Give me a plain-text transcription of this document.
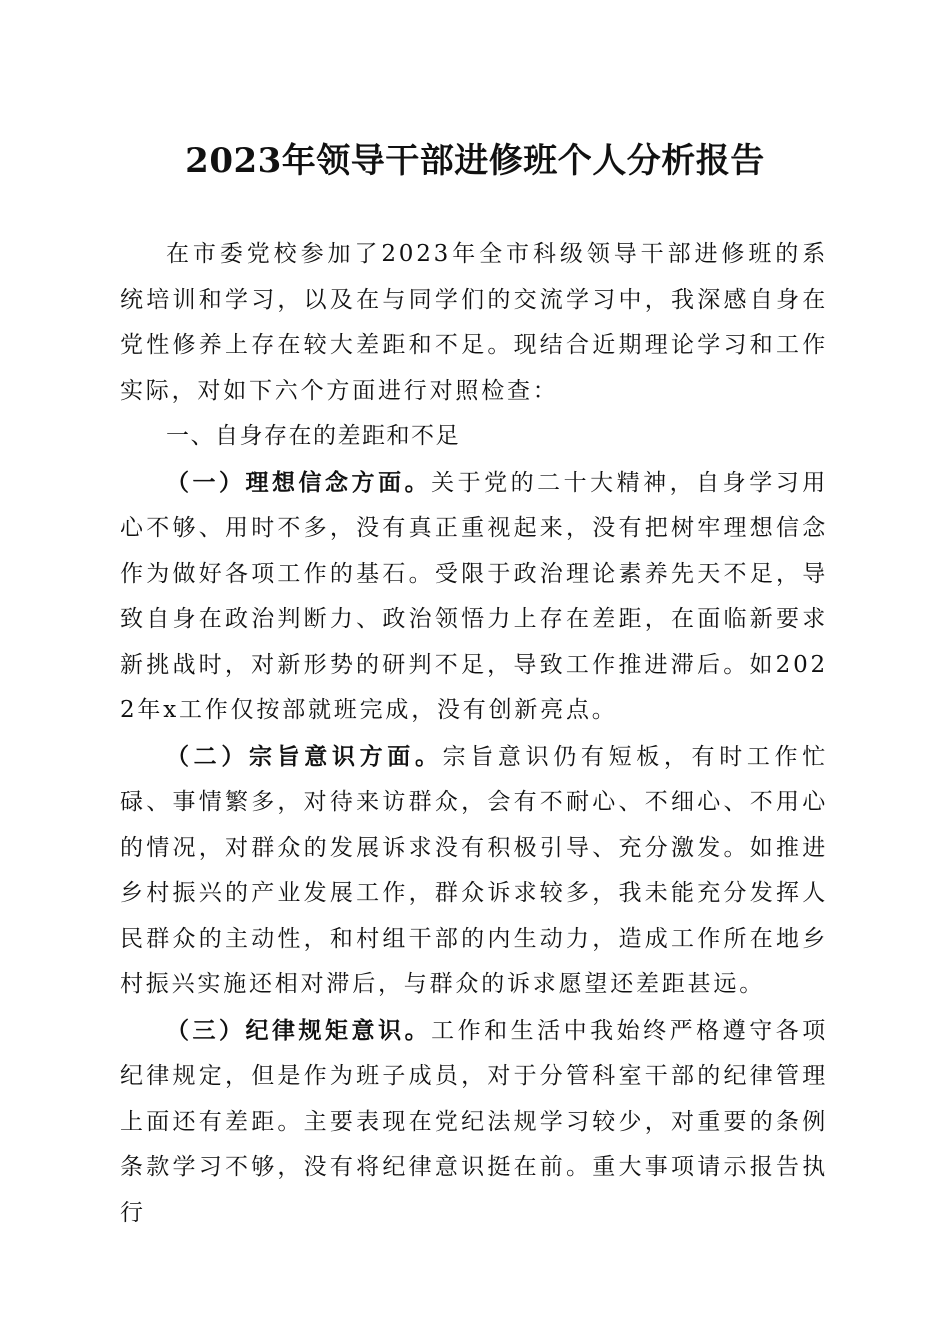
2023年领导干部进修班个人分析报告

在市委党校参加了2023年全市科级领导干部进修班的系统培训和学习，以及在与同学们的交流学习中，我深感自身在党性修养上存在较大差距和不足。现结合近期理论学习和工作实际，对如下六个方面进行对照检查：

一、自身存在的差距和不足

（一）理想信念方面。关于党的二十大精神，自身学习用心不够、用时不多，没有真正重视起来，没有把树牢理想信念作为做好各项工作的基石。受限于政治理论素养先天不足，导致自身在政治判断力、政治领悟力上存在差距，在面临新要求新挑战时，对新形势的研判不足，导致工作推进滞后。如2022年x工作仅按部就班完成，没有创新亮点。

（二）宗旨意识方面。宗旨意识仍有短板，有时工作忙碌、事情繁多，对待来访群众，会有不耐心、不细心、不用心的情况，对群众的发展诉求没有积极引导、充分激发。如推进乡村振兴的产业发展工作，群众诉求较多，我未能充分发挥人民群众的主动性，和村组干部的内生动力，造成工作所在地乡村振兴实施还相对滞后，与群众的诉求愿望还差距甚远。

（三）纪律规矩意识。工作和生活中我始终严格遵守各项纪律规定，但是作为班子成员，对于分管科室干部的纪律管理上面还有差距。主要表现在党纪法规学习较少，对重要的条例条款学习不够，没有将纪律意识挺在前。重大事项请示报告执行
